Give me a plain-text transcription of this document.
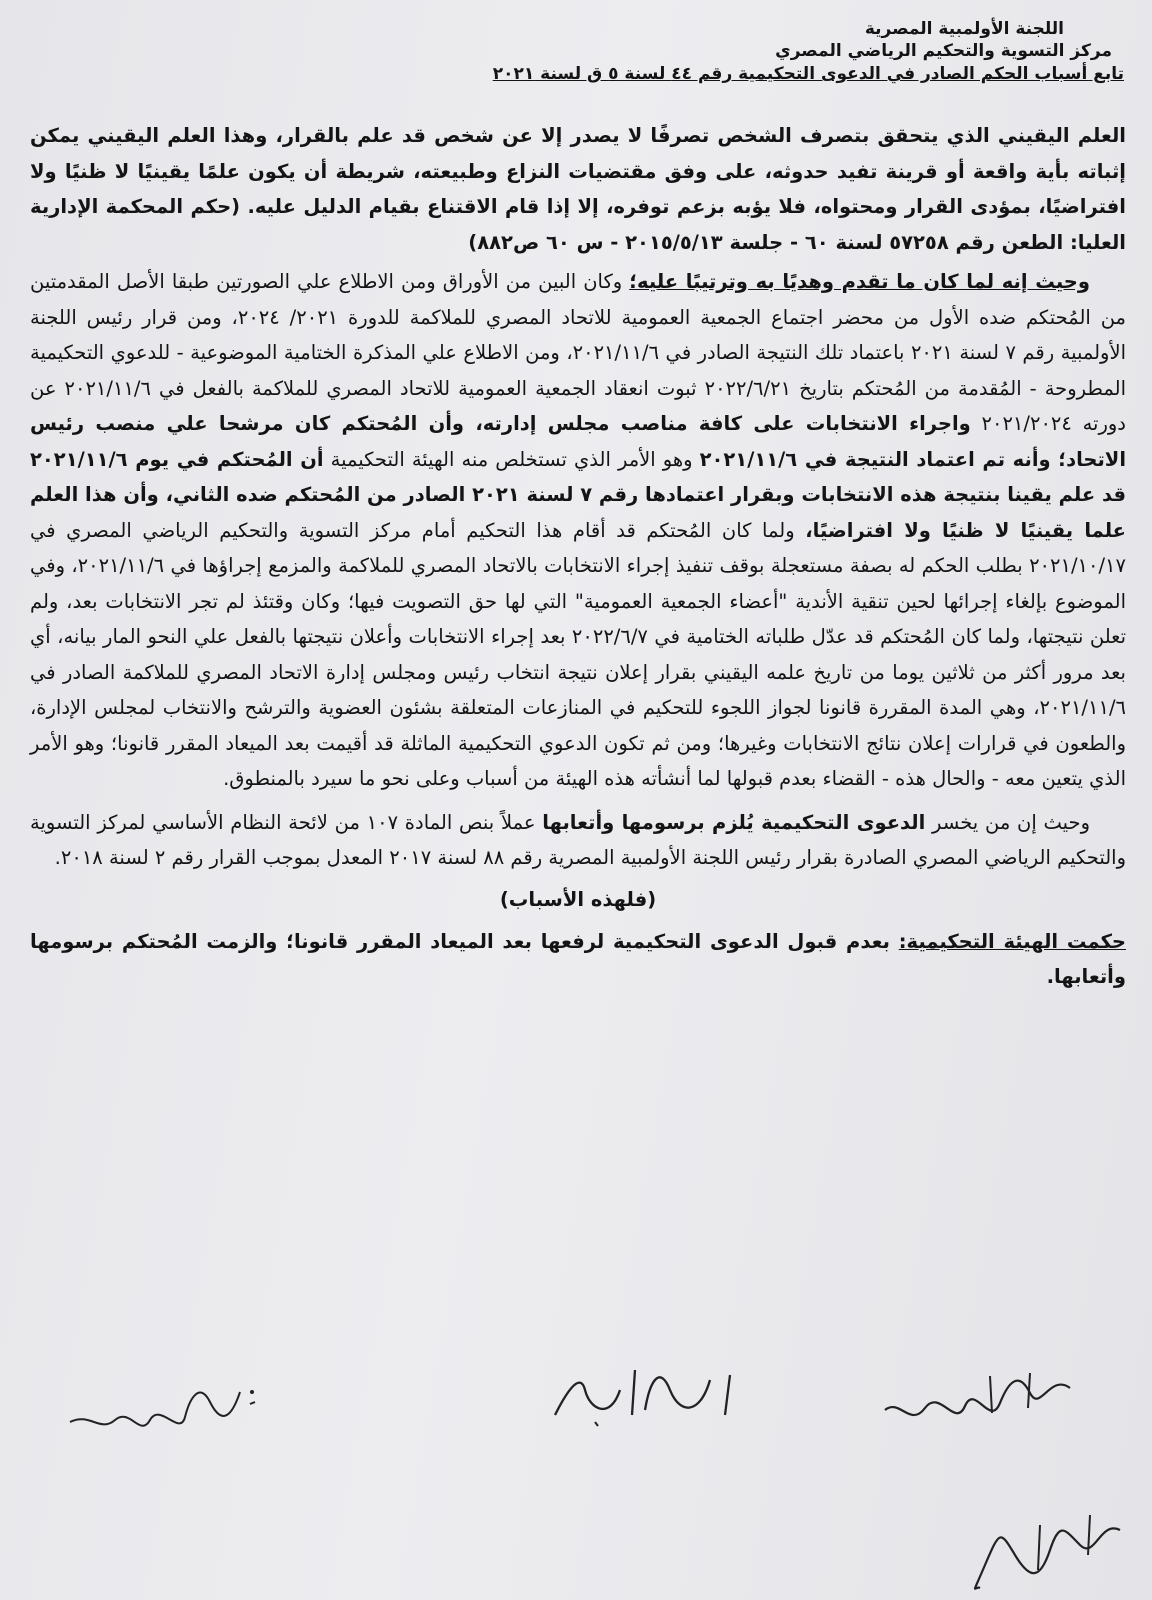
اللجنة الأولمبية المصرية
مركز التسوية والتحكيم الرياضي المصري
تابع أسباب الحكم الصادر في الدعوى التحكيمية رقم ٤٤ لسنة ٥ ق لسنة ٢٠٢١

العلم اليقيني الذي يتحقق بتصرف الشخص تصرفًا لا يصدر إلا عن شخص قد علم بالقرار، وهذا العلم اليقيني يمكن إثباته بأية واقعة أو قرينة تفيد حدوثه، على وفق مقتضيات النزاع وطبيعته، شريطة أن يكون علمًا يقينيًا لا ظنيًا ولا افتراضيًا، بمؤدى القرار ومحتواه، فلا يؤبه بزعم توفره، إلا إذا قام الاقتناع بقيام الدليل عليه. (حكم المحكمة الإدارية العليا: الطعن رقم ٥٧٢٥٨ لسنة ٦٠ - جلسة ٢٠١٥/٥/١٣ - س ٦٠ ص٨٨٢)

وحيث إنه لما كان ما تقدم وهديًا به وترتيبًا عليه؛ وكان البين من الأوراق ومن الاطلاع علي الصورتين طبقا الأصل المقدمتين من المُحتكم ضده الأول من محضر اجتماع الجمعية العمومية للاتحاد المصري للملاكمة للدورة ٢٠٢١/ ٢٠٢٤، ومن قرار رئيس اللجنة الأولمبية رقم ٧ لسنة ٢٠٢١ باعتماد تلك النتيجة الصادر في ٢٠٢١/١١/٦، ومن الاطلاع علي المذكرة الختامية الموضوعية - للدعوي التحكيمية المطروحة - المُقدمة من المُحتكم بتاريخ ٢٠٢٢/٦/٢١ ثبوت انعقاد الجمعية العمومية للاتحاد المصري للملاكمة بالفعل في ٢٠٢١/١١/٦ عن دورته ٢٠٢١/٢٠٢٤ واجراء الانتخابات على كافة مناصب مجلس إدارته، وأن المُحتكم كان مرشحا علي منصب رئيس الاتحاد؛ وأنه تم اعتماد النتيجة في ٢٠٢١/١١/٦ وهو الأمر الذي تستخلص منه الهيئة التحكيمية أن المُحتكم في يوم ٢٠٢١/١١/٦ قد علم يقينا بنتيجة هذه الانتخابات وبقرار اعتمادها رقم ٧ لسنة ٢٠٢١ الصادر من المُحتكم ضده الثاني، وأن هذا العلم علما يقينيًا لا ظنيًا ولا افتراضيًا، ولما كان المُحتكم قد أقام هذا التحكيم أمام مركز التسوية والتحكيم الرياضي المصري في ٢٠٢١/١٠/١٧ بطلب الحكم له بصفة مستعجلة بوقف تنفيذ إجراء الانتخابات بالاتحاد المصري للملاكمة والمزمع إجراؤها في ٢٠٢١/١١/٦، وفي الموضوع بإلغاء إجرائها لحين تنقية الأندية "أعضاء الجمعية العمومية" التي لها حق التصويت فيها؛ وكان وقتئذ لم تجر الانتخابات بعد، ولم تعلن نتيجتها، ولما كان المُحتكم قد عدّل طلباته الختامية في ٢٠٢٢/٦/٧ بعد إجراء الانتخابات وأعلان نتيجتها بالفعل علي النحو المار بيانه، أي بعد مرور أكثر من ثلاثين يوما من تاريخ علمه اليقيني بقرار إعلان نتيجة انتخاب رئيس ومجلس إدارة الاتحاد المصري للملاكمة الصادر في ٢٠٢١/١١/٦، وهي المدة المقررة قانونا لجواز اللجوء للتحكيم في المنازعات المتعلقة بشئون العضوية والترشح والانتخاب لمجلس الإدارة، والطعون في قرارات إعلان نتائج الانتخابات وغيرها؛ ومن ثم تكون الدعوي التحكيمية الماثلة قد أقيمت بعد الميعاد المقرر قانونا؛ وهو الأمر الذي يتعين معه - والحال هذه - القضاء بعدم قبولها لما أنشأته هذه الهيئة من أسباب وعلى نحو ما سيرد بالمنطوق.

وحيث إن من يخسر الدعوى التحكيمية يُلزم برسومها وأتعابها عملاً بنص المادة ١٠٧ من لائحة النظام الأساسي لمركز التسوية والتحكيم الرياضي المصري الصادرة بقرار رئيس اللجنة الأولمبية المصرية رقم ٨٨ لسنة ٢٠١٧ المعدل بموجب القرار رقم ٢ لسنة ٢٠١٨.

(فلهذه الأسباب)

حكمت الهيئة التحكيمية: بعدم قبول الدعوى التحكيمية لرفعها بعد الميعاد المقرر قانونا؛ والزمت المُحتكم برسومها وأتعابها.
